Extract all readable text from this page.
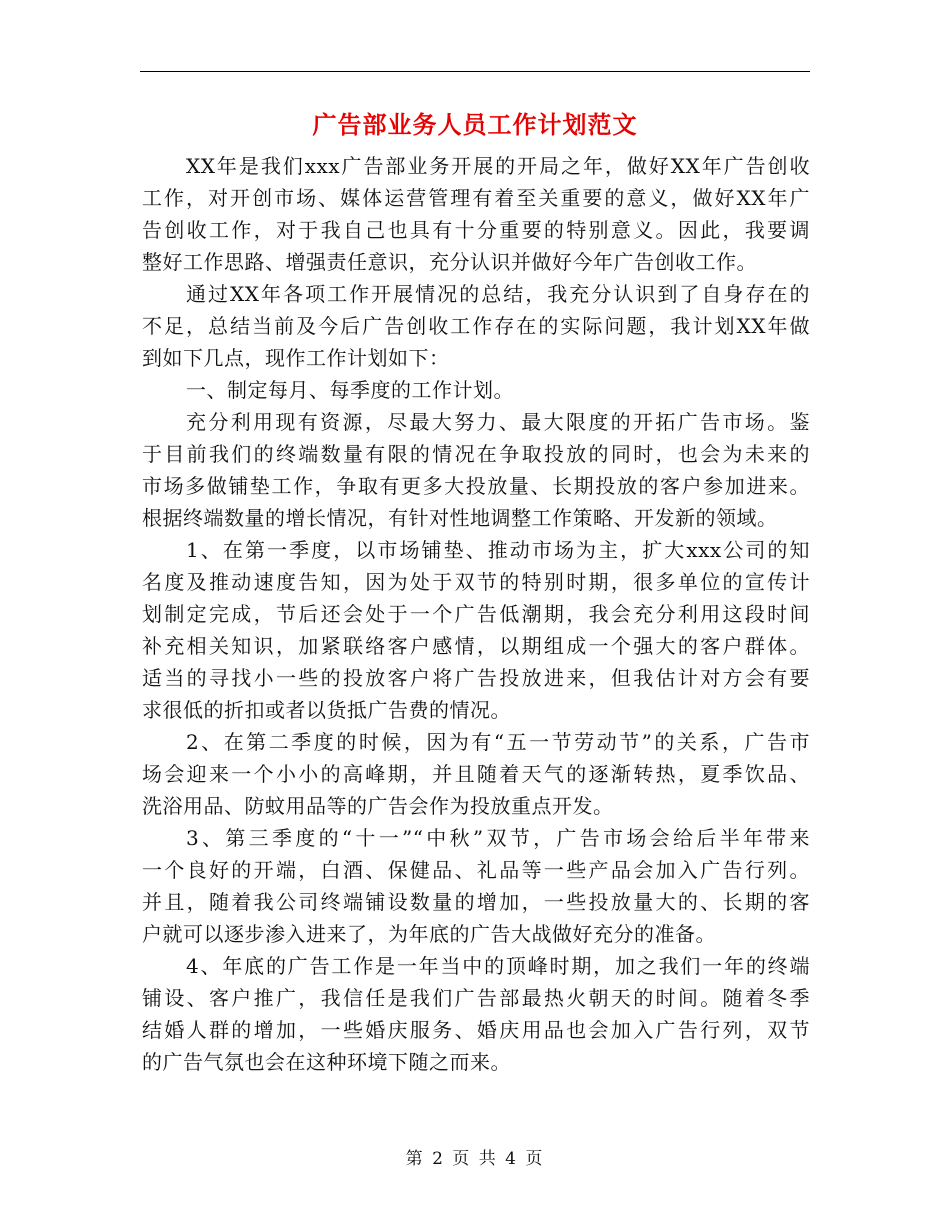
广告部业务人员工作计划范文
XX年是我们xxx广告部业务开展的开局之年，做好XX年广告创收
工作，对开创市场、媒体运营管理有着至关重要的意义，做好XX年广
告创收工作，对于我自己也具有十分重要的特别意义。因此，我要调
整好工作思路、增强责任意识，充分认识并做好今年广告创收工作。
通过XX年各项工作开展情况的总结，我充分认识到了自身存在的
不足，总结当前及今后广告创收工作存在的实际问题，我计划XX年做
到如下几点，现作工作计划如下：
一、制定每月、每季度的工作计划。
充分利用现有资源，尽最大努力、最大限度的开拓广告市场。鉴
于目前我们的终端数量有限的情况在争取投放的同时，也会为未来的
市场多做铺垫工作，争取有更多大投放量、长期投放的客户参加进来。
根据终端数量的增长情况，有针对性地调整工作策略、开发新的领域。
1、在第一季度，以市场铺垫、推动市场为主，扩大xxx公司的知
名度及推动速度告知，因为处于双节的特别时期，很多单位的宣传计
划制定完成，节后还会处于一个广告低潮期，我会充分利用这段时间
补充相关知识，加紧联络客户感情，以期组成一个强大的客户群体。
适当的寻找小一些的投放客户将广告投放进来，但我估计对方会有要
求很低的折扣或者以货抵广告费的情况。
2、在第二季度的时候，因为有“五一节劳动节”的关系，广告市
场会迎来一个小小的高峰期，并且随着天气的逐渐转热，夏季饮品、
洗浴用品、防蚊用品等的广告会作为投放重点开发。
3、第三季度的“十一”“中秋”双节，广告市场会给后半年带来
一个良好的开端，白酒、保健品、礼品等一些产品会加入广告行列。
并且，随着我公司终端铺设数量的增加，一些投放量大的、长期的客
户就可以逐步渗入进来了，为年底的广告大战做好充分的准备。
4、年底的广告工作是一年当中的顶峰时期，加之我们一年的终端
铺设、客户推广，我信任是我们广告部最热火朝天的时间。随着冬季
结婚人群的增加，一些婚庆服务、婚庆用品也会加入广告行列，双节
的广告气氛也会在这种环境下随之而来。
第 2 页 共 4 页
